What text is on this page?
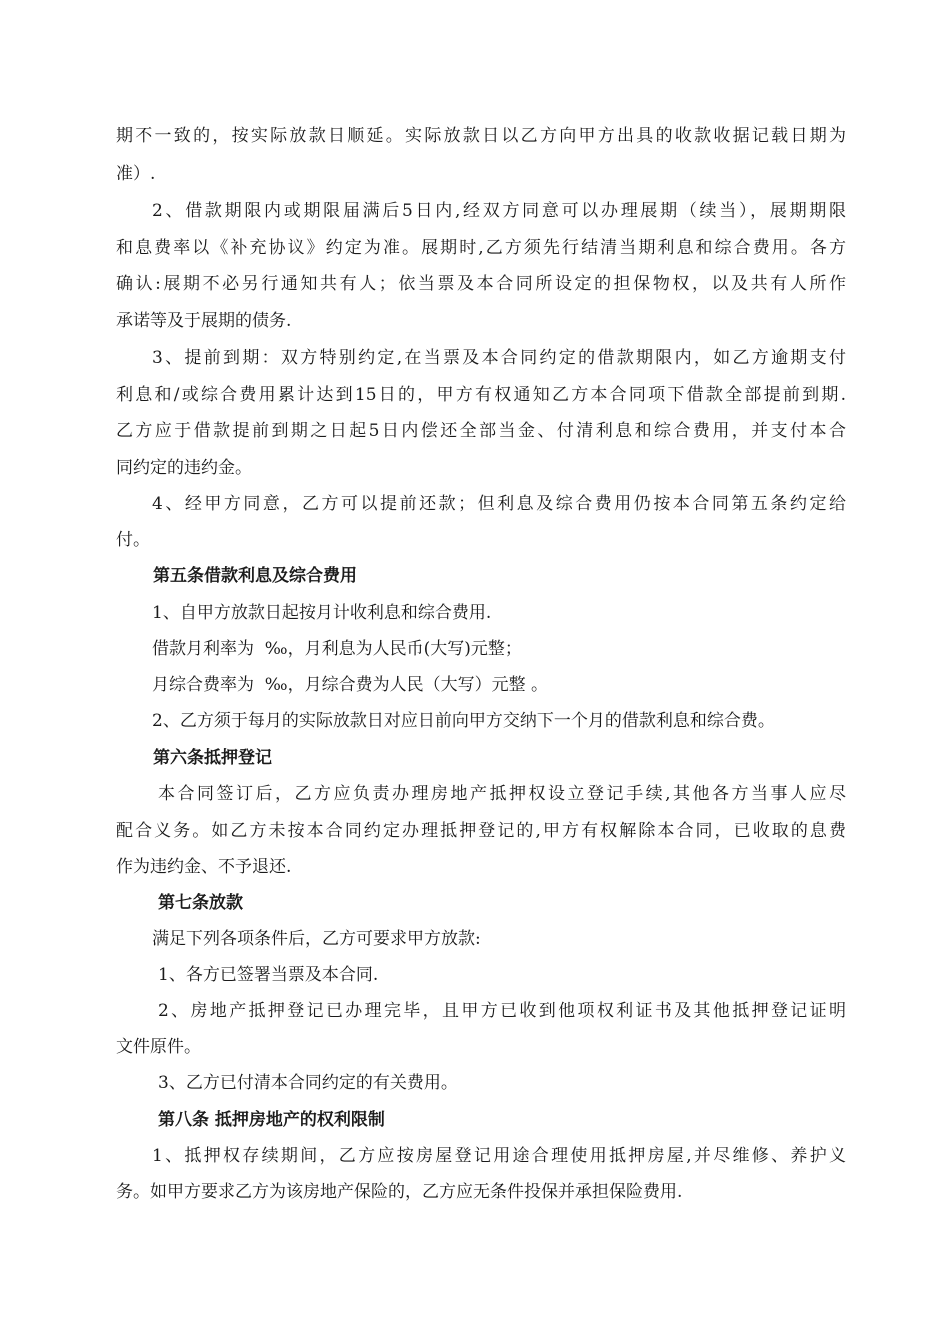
期不一致的，按实际放款日顺延。实际放款日以乙方向甲方出具的收款收据记载日期为

准）.

2、借款期限内或期限届满后5日内,经双方同意可以办理展期（续当），展期期限

和息费率以《补充协议》约定为准。展期时,乙方须先行结清当期利息和综合费用。各方

确认:展期不必另行通知共有人；依当票及本合同所设定的担保物权，以及共有人所作

承诺等及于展期的债务.

3、提前到期：双方特别约定,在当票及本合同约定的借款期限内，如乙方逾期支付

利息和/或综合费用累计达到15日的，甲方有权通知乙方本合同项下借款全部提前到期.

乙方应于借款提前到期之日起5日内偿还全部当金、付清利息和综合费用，并支付本合

同约定的违约金。

4、经甲方同意，乙方可以提前还款；但利息及综合费用仍按本合同第五条约定给

付。

第五条借款利息及综合费用

1、自甲方放款日起按月计收利息和综合费用.

借款月利率为  ‰，月利息为人民币(大写)元整；

月综合费率为  ‰，月综合费为人民（大写）元整 。

2、乙方须于每月的实际放款日对应日前向甲方交纳下一个月的借款利息和综合费。

第六条抵押登记

本合同签订后，乙方应负责办理房地产抵押权设立登记手续,其他各方当事人应尽

配合义务。如乙方未按本合同约定办理抵押登记的,甲方有权解除本合同，已收取的息费

作为违约金、不予退还.

第七条放款

满足下列各项条件后，乙方可要求甲方放款:

1、各方已签署当票及本合同.

2、房地产抵押登记已办理完毕，且甲方已收到他项权利证书及其他抵押登记证明

文件原件。

3、乙方已付清本合同约定的有关费用。

第八条 抵押房地产的权利限制

1、抵押权存续期间，乙方应按房屋登记用途合理使用抵押房屋,并尽维修、养护义

务。如甲方要求乙方为该房地产保险的，乙方应无条件投保并承担保险费用.
